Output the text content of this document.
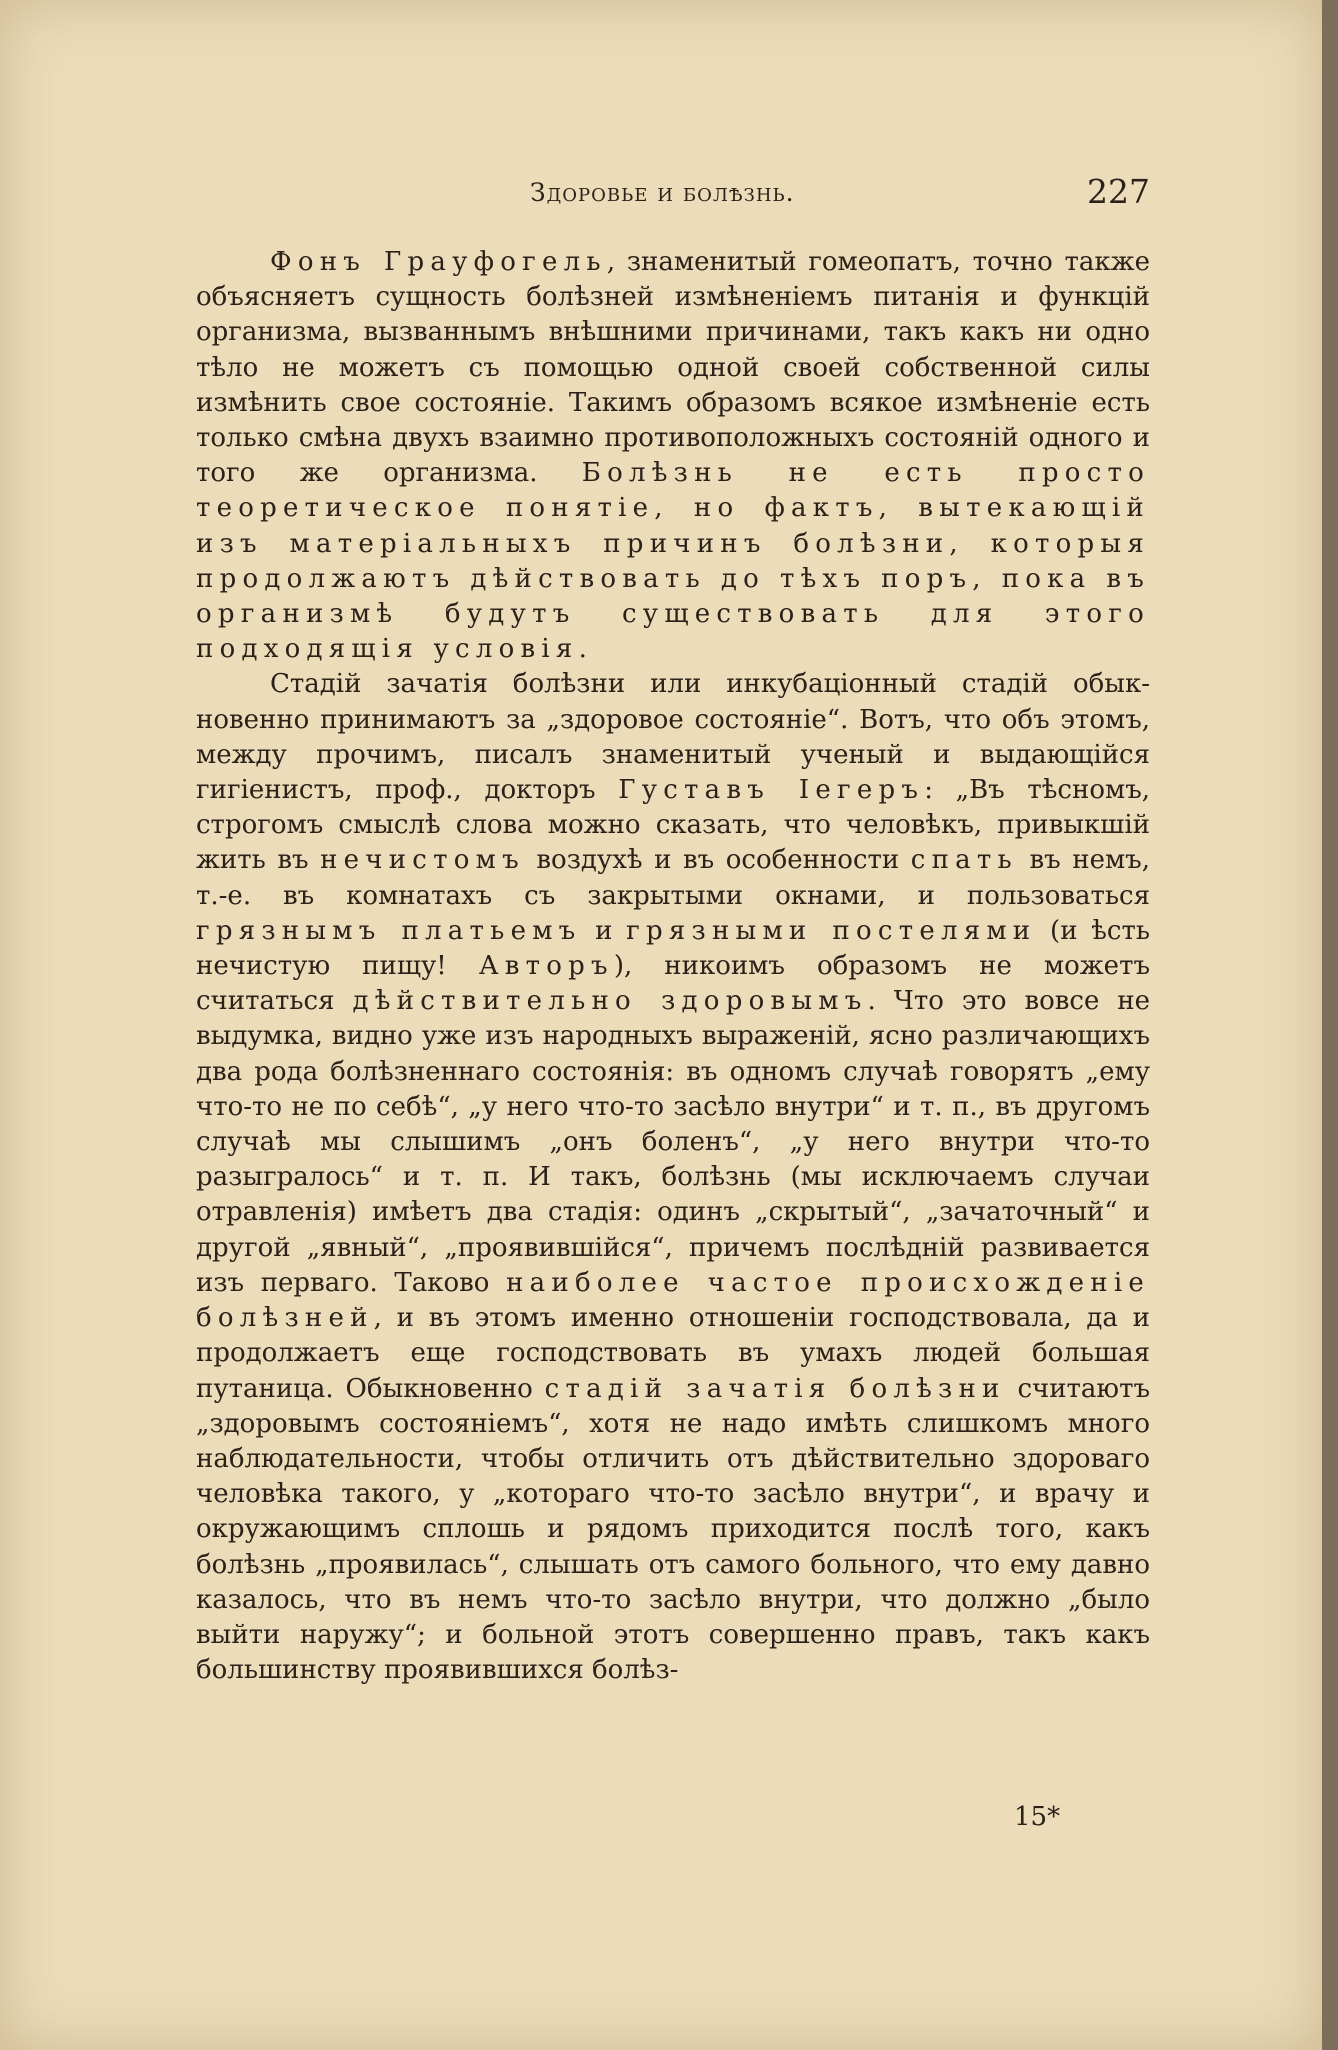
Здоровье и болѣзнь.	227

Фонъ Грауфогель, знаменитый гомеопатъ, точно также объясняетъ сущность болѣзней измѣненіемъ питанія и функцій организма, вызваннымъ внѣшними причинами, такъ какъ ни одно тѣло не можетъ съ помощью одной своей собственной силы измѣнить свое состояніе. Такимъ образомъ всякое измѣненіе есть только смѣна двухъ взаимно противоположныхъ состояній одного и того же организма. Болѣзнь не есть просто теоретическое понятіе, но фактъ, вытекающій изъ матеріальныхъ причинъ болѣзни, которыя продолжаютъ дѣйствовать до тѣхъ поръ, пока въ организмѣ будутъ существовать для этого подходящія условія.

Стадій зачатія болѣзни или инкубаціонный стадій обыкновенно принимаютъ за „здоровое состояніе“. Вотъ, что объ этомъ, между прочимъ, писалъ знаменитый ученый и выдающійся гигіенистъ, проф., докторъ Густавъ Іегеръ: „Въ тѣсномъ, строгомъ смыслѣ слова можно сказать, что человѣкъ, привыкшій жить въ нечистомъ воздухѣ и въ особенности спать въ немъ, т.-е. въ комнатахъ съ закрытыми окнами, и пользоваться грязнымъ платьемъ и грязными постелями (и ѣсть нечистую пищу! Авторъ), никоимъ образомъ не можетъ считаться дѣйствительно здоровымъ. Что это вовсе не выдумка, видно уже изъ народныхъ выраженій, ясно различающихъ два рода болѣзненнаго состоянія: въ одномъ случаѣ говорятъ „ему что-то не по себѣ“, „у него что-то засѣло внутри“ и т. п., въ другомъ случаѣ мы слышимъ „онъ боленъ“, „у него внутри что-то разыгралось“ и т. п. И такъ, болѣзнь (мы исключаемъ случаи отравленія) имѣетъ два стадія: одинъ „скрытый“, „зачаточный“ и другой „явный“, „проявившійся“, причемъ послѣдній развивается изъ перваго. Таково наиболее частое происхожденіе болѣзней, и въ этомъ именно отношеніи господствовала, да и продолжаетъ еще господствовать въ умахъ людей большая путаница. Обыкновенно стадій зачатія болѣзни считаютъ „здоровымъ состояніемъ“, хотя не надо имѣть слишкомъ много наблюдательности, чтобы отличить отъ дѣйствительно здороваго человѣка такого, у „котораго что-то засѣло внутри“, и врачу и окружающимъ сплошь и рядомъ приходится послѣ того, какъ болѣзнь „проявилась“, слышать отъ самого больного, что ему давно казалось, что въ немъ что-то засѣло внутри, что должно „было выйти наружу“; и больной этотъ совершенно правъ, такъ какъ большинству проявившихся болѣз-

15*
